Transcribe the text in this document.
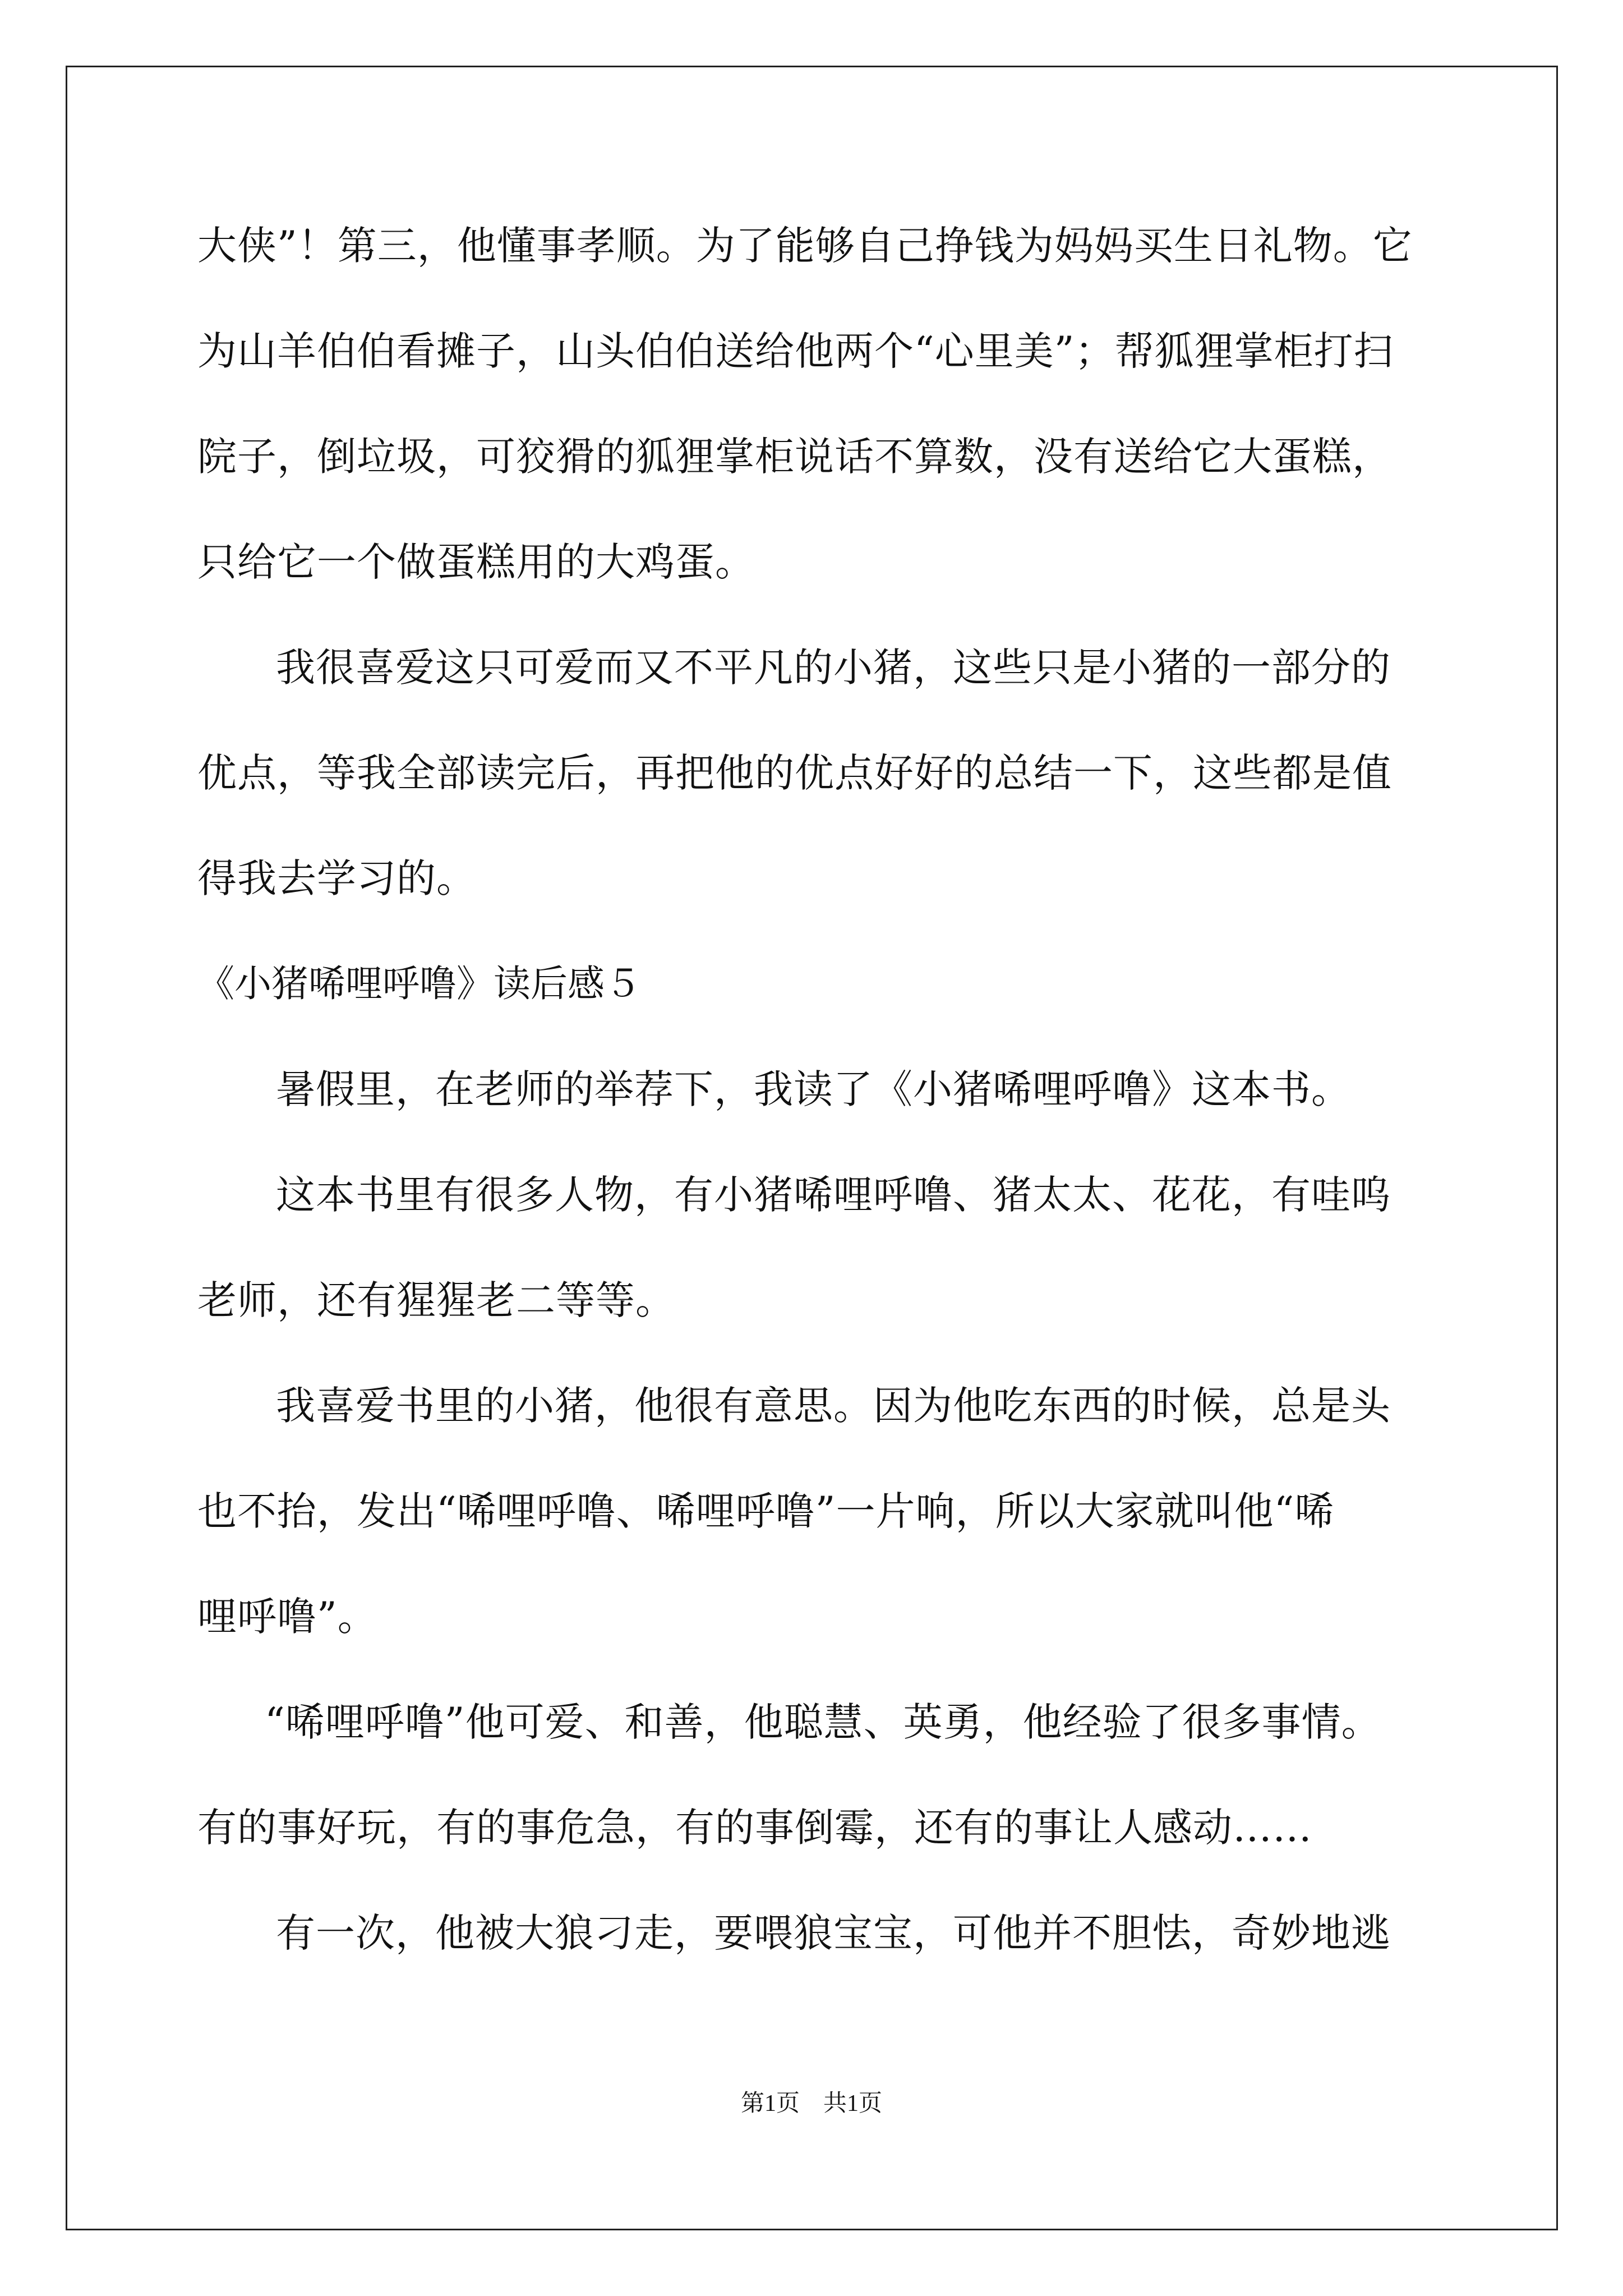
大侠”！第三，他懂事孝顺。为了能够自己挣钱为妈妈买生日礼物。它
为山羊伯伯看摊子，山头伯伯送给他两个“心里美”；帮狐狸掌柜打扫
院子，倒垃圾，可狡猾的狐狸掌柜说话不算数，没有送给它大蛋糕，
只给它一个做蛋糕用的大鸡蛋。
我很喜爱这只可爱而又不平凡的小猪，这些只是小猪的一部分的
优点，等我全部读完后，再把他的优点好好的总结一下，这些都是值
得我去学习的。
《小猪唏哩呼噜》读后感５
暑假里，在老师的举荐下，我读了《小猪唏哩呼噜》这本书。
这本书里有很多人物，有小猪唏哩呼噜、猪太太、花花，有哇呜
老师，还有猩猩老二等等。
我喜爱书里的小猪，他很有意思。因为他吃东西的时候，总是头
也不抬，发出“唏哩呼噜、唏哩呼噜”一片响，所以大家就叫他“唏
哩呼噜”。
“唏哩呼噜”他可爱、和善，他聪慧、英勇，他经验了很多事情。
有的事好玩，有的事危急，有的事倒霉，还有的事让人感动……
有一次，他被大狼刁走，要喂狼宝宝，可他并不胆怯，奇妙地逃
第1页　共1页
